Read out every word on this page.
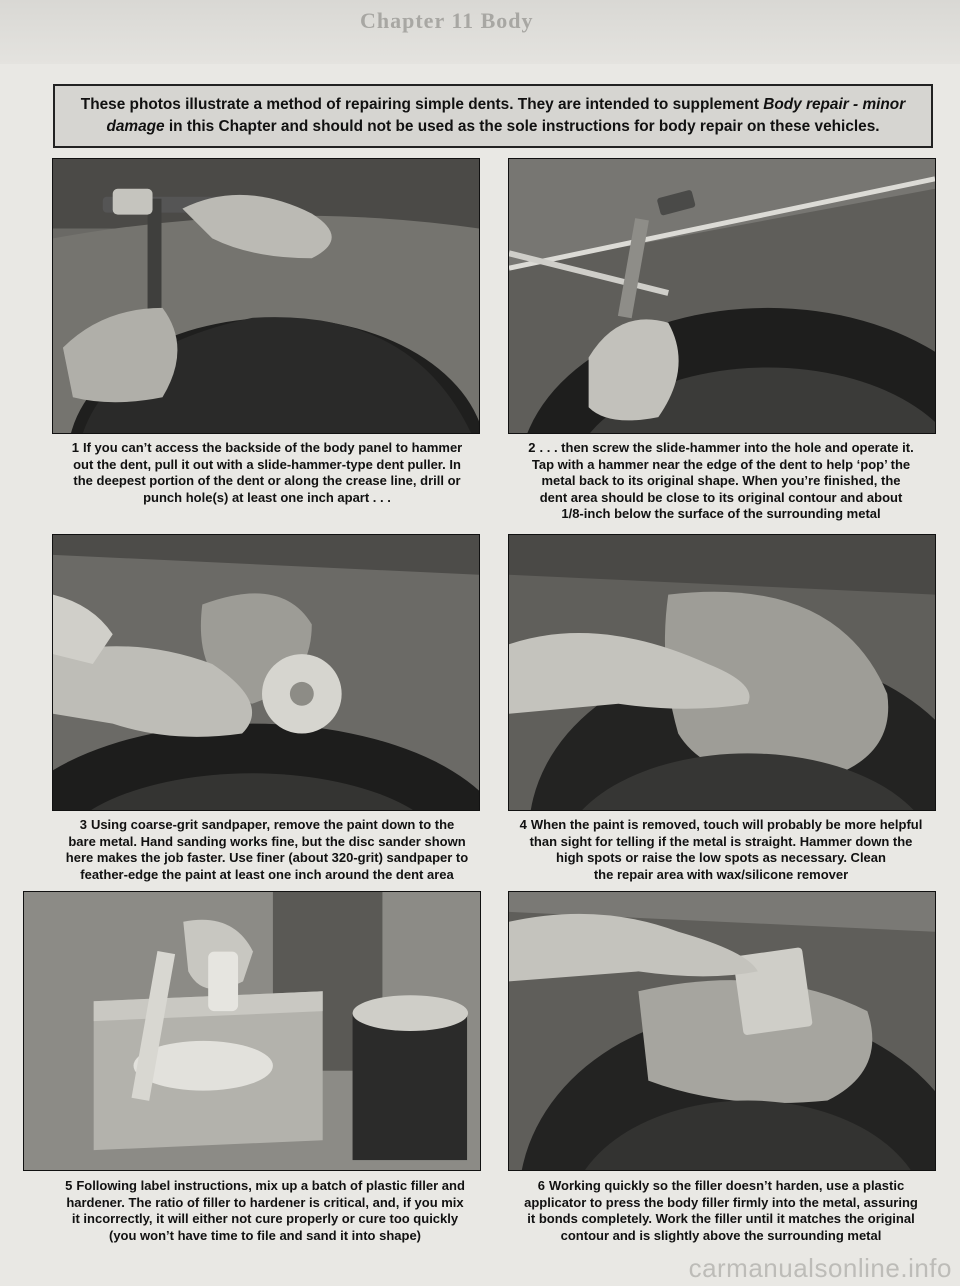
Chapter 11 Body
These photos illustrate a method of repairing simple dents. They are intended to supplement Body repair - minor damage in this Chapter and should not be used as the sole instructions for body repair on these vehicles.
1 If you can’t access the backside of the body panel to hammer
out the dent, pull it out with a slide-hammer-type dent puller. In
the deepest portion of the dent or along the crease line, drill or
punch hole(s) at least one inch apart . . .
2 . . . then screw the slide-hammer into the hole and operate it.
Tap with a hammer near the edge of the dent to help ‘pop’ the
metal back to its original shape. When you’re finished, the
dent area should be close to its original contour and about
1/8-inch below the surface of the surrounding metal
3 Using coarse-grit sandpaper, remove the paint down to the
bare metal. Hand sanding works fine, but the disc sander shown
here makes the job faster. Use finer (about 320-grit) sandpaper to
feather-edge the paint at least one inch around the dent area
4 When the paint is removed, touch will probably be more helpful
than sight for telling if the metal is straight. Hammer down the
high spots or raise the low spots as necessary. Clean
the repair area with wax/silicone remover
5 Following label instructions, mix up a batch of plastic filler and
hardener. The ratio of filler to hardener is critical, and, if you mix
it incorrectly, it will either not cure properly or cure too quickly
(you won’t have time to file and sand it into shape)
6 Working quickly so the filler doesn’t harden, use a plastic
applicator to press the body filler firmly into the metal, assuring
it bonds completely. Work the filler until it matches the original
contour and is slightly above the surrounding metal
carmanualsonline.info
